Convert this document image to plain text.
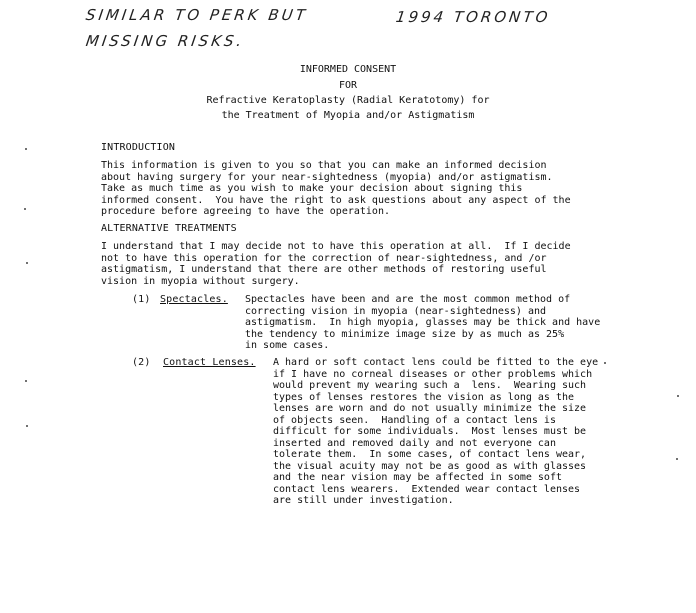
SIMILAR TO PERK BUT	1994 TORONTO
MISSING RISKS.
INFORMED CONSENT
FOR
Refractive Keratoplasty (Radial Keratotomy) for
the Treatment of Myopia and/or Astigmatism
INTRODUCTION
This information is given to you so that you can make an informed decision
about having surgery for your near-sightedness (myopia) and/or astigmatism.
Take as much time as you wish to make your decision about signing this
informed consent.  You have the right to ask questions about any aspect of the
procedure before agreeing to have the operation.
ALTERNATIVE TREATMENTS
I understand that I may decide not to have this operation at all.  If I decide
not to have this operation for the correction of near-sightedness, and /or
astigmatism, I understand that there are other methods of restoring useful
vision in myopia without surgery.
(1) Spectacles. Spectacles have been and are the most common method of
correcting vision in myopia (near-sightedness) and
astigmatism.  In high myopia, glasses may be thick and have
the tendency to minimize image size by as much as 25%
in some cases.
(2) Contact Lenses. A hard or soft contact lens could be fitted to the eye
if I have no corneal diseases or other problems which
would prevent my wearing such a  lens.  Wearing such
types of lenses restores the vision as long as the
lenses are worn and do not usually minimize the size
of objects seen.  Handling of a contact lens is
difficult for some individuals.  Most lenses must be
inserted and removed daily and not everyone can
tolerate them.  In some cases, of contact lens wear,
the visual acuity may not be as good as with glasses
and the near vision may be affected in some soft
contact lens wearers.  Extended wear contact lenses
are still under investigation.
